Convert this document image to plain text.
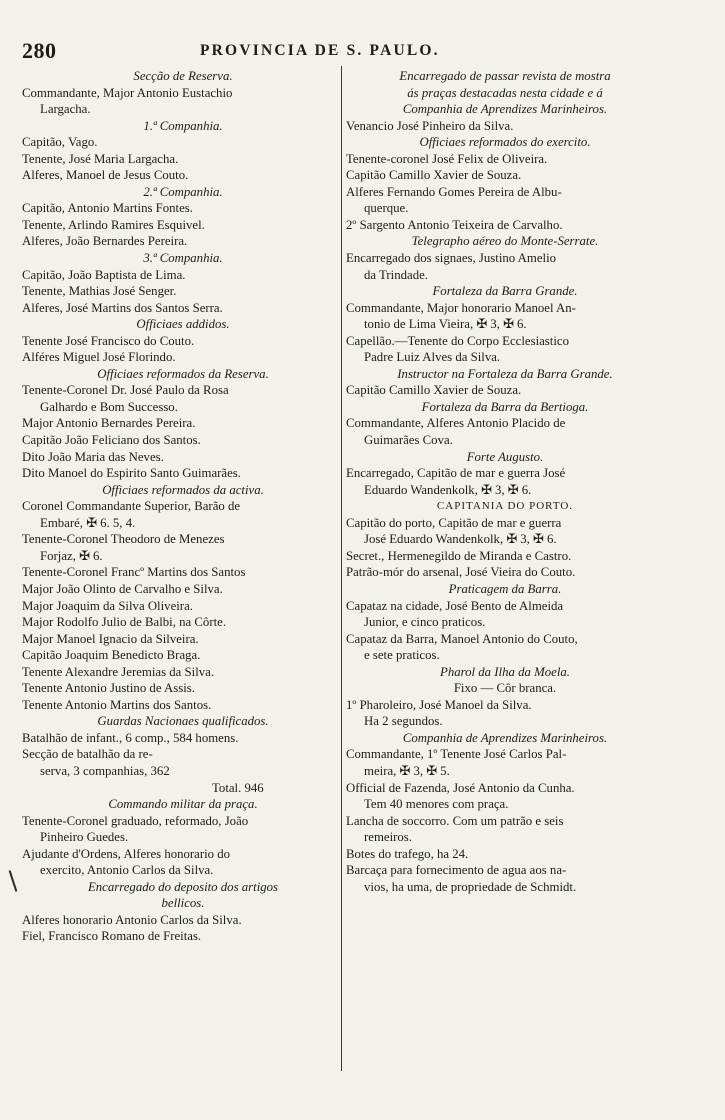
280	PROVINCIA DE S. PAULO.
Secção de Reserva.
Commandante, Major Antonio Eustachio
Largacha.
1.ª Companhia.
Capitão, Vago.
Tenente, José Maria Largacha.
Alferes, Manoel de Jesus Couto.
2.ª Companhia.
Capitão, Antonio Martins Fontes.
Tenente, Arlindo Ramires Esquivel.
Alferes, João Bernardes Pereira.
3.ª Companhia.
Capitão, João Baptista de Lima.
Tenente, Mathias José Senger.
Alferes, José Martins dos Santos Serra.
Officiaes addidos.
Tenente José Francisco do Couto.
Alféres Miguel José Florindo.
Officiaes reformados da Reserva.
Tenente-Coronel Dr. José Paulo da Rosa
Galhardo e Bom Successo.
Major Antonio Bernardes Pereira.
Capitão João Feliciano dos Santos.
Dito João Maria das Neves.
Dito Manoel do Espirito Santo Guimarães.
Officiaes reformados da activa.
Coronel Commandante Superior, Barão de
Embaré, ✠ 6. 5, 4.
Tenente-Coronel Theodoro de Menezes
Forjaz, ✠ 6.
Tenente-Coronel Francº Martins dos Santos
Major João Olinto de Carvalho e Silva.
Major Joaquim da Silva Oliveira.
Major Rodolfo Julio de Balbi, na Côrte.
Major Manoel Ignacio da Silveira.
Capitão Joaquim Benedicto Braga.
Tenente Alexandre Jeremias da Silva.
Tenente Antonio Justino de Assis.
Tenente Antonio Martins dos Santos.
Guardas Nacionaes qualificados.
Batalhão de infant., 6 comp., 584 homens.
Secção de batalhão da re-
serva, 3 companhias, 362
Total. 946
Commando militar da praça.
Tenente-Coronel graduado, reformado, João
Pinheiro Guedes.
Ajudante d'Ordens, Alferes honorario do
exercito, Antonio Carlos da Silva.
Encarregado do deposito dos artigos
bellicos.
Alferes honorario Antonio Carlos da Silva.
Fiel, Francisco Romano de Freitas.
Encarregado de passar revista de mostra
ás praças destacadas nesta cidade e á
Companhia de Aprendizes Marinheiros.
Venancio José Pinheiro da Silva.
Officiaes reformados do exercito.
Tenente-coronel José Felix de Oliveira.
Capitão Camillo Xavier de Souza.
Alferes Fernando Gomes Pereira de Albu-
querque.
2º Sargento Antonio Teixeira de Carvalho.
Telegrapho aéreo do Monte-Serrate.
Encarregado dos signaes, Justino Amelio
da Trindade.
Fortaleza da Barra Grande.
Commandante, Major honorario Manoel An-
tonio de Lima Vieira, ✠ 3, ✠ 6.
Capellão.—Tenente do Corpo Ecclesiastico
Padre Luiz Alves da Silva.
Instructor na Fortaleza da Barra Grande.
Capitão Camillo Xavier de Souza.
Fortaleza da Barra da Bertioga.
Commandante, Alferes Antonio Placido de
Guimarães Cova.
Forte Augusto.
Encarregado, Capitão de mar e guerra José
Eduardo Wandenkolk, ✠ 3, ✠ 6.
CAPITANIA DO PORTO.
Capitão do porto, Capitão de mar e guerra
José Eduardo Wandenkolk, ✠ 3, ✠ 6.
Secret., Hermenegildo de Miranda e Castro.
Patrão-mór do arsenal, José Vieira do Couto.
Praticagem da Barra.
Capataz na cidade, José Bento de Almeida
Junior, e cinco praticos.
Capataz da Barra, Manoel Antonio do Couto,
e sete praticos.
Pharol da Ilha da Moela.
Fixo — Côr branca.
1º Pharoleiro, José Manoel da Silva.
Ha 2 segundos.
Companhia de Aprendizes Marinheiros.
Commandante, 1º Tenente José Carlos Pal-
meira, ✠ 3, ✠ 5.
Official de Fazenda, José Antonio da Cunha.
Tem 40 menores com praça.
Lancha de soccorro. Com um patrão e seis
remeiros.
Botes do trafego, ha 24.
Barcaça para fornecimento de agua aos na-
vios, ha uma, de propriedade de Schmidt.
